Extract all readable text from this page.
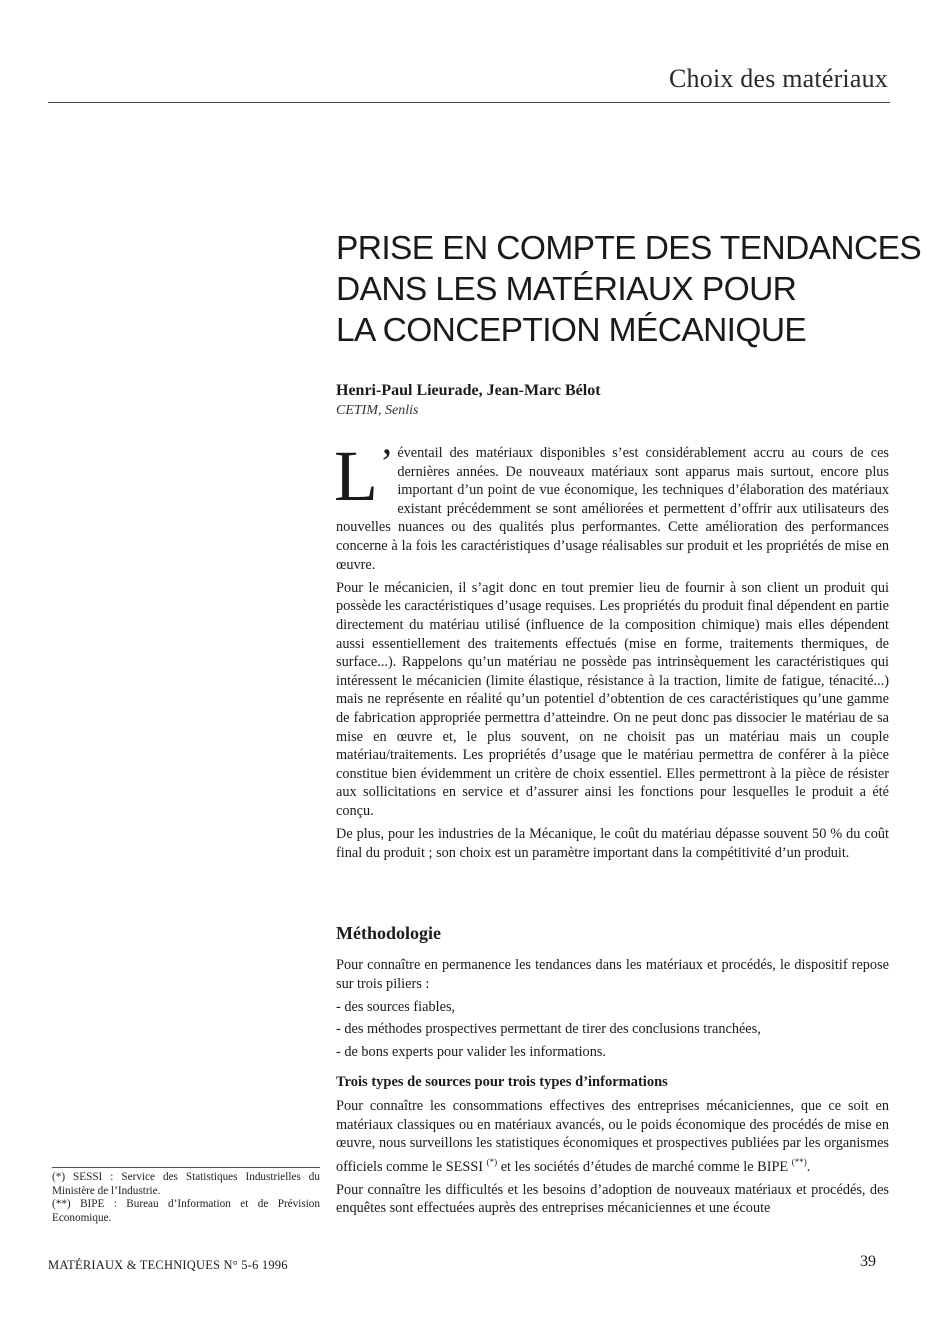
Choix des matériaux
PRISE EN COMPTE DES TENDANCES
DANS LES MATÉRIAUX POUR
LA CONCEPTION MÉCANIQUE
Henri-Paul Lieurade, Jean-Marc Bélot
CETIM, Senlis

L’ éventail des matériaux disponibles s’est considérablement accru au cours de ces dernières années. De nouveaux matériaux sont apparus mais surtout, encore plus important d’un point de vue économique, les techniques d’élaboration des matériaux existant précédemment se sont améliorées et permettent d’offrir aux utilisateurs des nouvelles nuances ou des qualités plus performantes. Cette amélioration des performances concerne à la fois les caractéristiques d’usage réalisables sur produit et les propriétés de mise en œuvre.

Pour le mécanicien, il s’agit donc en tout premier lieu de fournir à son client un produit qui possède les caractéristiques d’usage requises. Les propriétés du produit final dépendent en partie directement du matériau utilisé (influence de la composition chimique) mais elles dépendent aussi essentiellement des traitements effectués (mise en forme, traitements thermiques, de surface...). Rappelons qu’un matériau ne possède pas intrinsèquement les caractéristiques qui intéressent le mécanicien (limite élastique, résistance à la traction, limite de fatigue, ténacité...) mais ne représente en réalité qu’un potentiel d’obtention de ces caractéristiques qu’une gamme de fabrication appropriée permettra d’atteindre. On ne peut donc pas dissocier le matériau de sa mise en œuvre et, le plus souvent, on ne choisit pas un matériau mais un couple matériau/traitements. Les propriétés d’usage que le matériau permettra de conférer à la pièce constitue bien évidemment un critère de choix essentiel. Elles permettront à la pièce de résister aux sollicitations en service et d’assurer ainsi les fonctions pour lesquelles le produit a été conçu.

De plus, pour les industries de la Mécanique, le coût du matériau dépasse souvent 50 % du coût final du produit ; son choix est un paramètre important dans la compétitivité d’un produit.

Méthodologie

Pour connaître en permanence les tendances dans les matériaux et procédés, le dispositif repose sur trois piliers :

- des sources fiables,
- des méthodes prospectives permettant de tirer des conclusions tranchées,
- de bons experts pour valider les informations.
Trois types de sources pour trois types d’informations

Pour connaître les consommations effectives des entreprises mécaniciennes, que ce soit en matériaux classiques ou en matériaux avancés, ou le poids économique des procédés de mise en œuvre, nous surveillons les statistiques économiques et prospectives publiées par les organismes officiels comme le SESSI (*) et les sociétés d’études de marché comme le BIPE (**).

Pour connaître les difficultés et les besoins d’adoption de nouveaux matériaux et procédés, des enquêtes sont effectuées auprès des entreprises mécaniciennes et une écoute

(*) SESSI : Service des Statistiques Industrielles du Ministère de l’Industrie.
(**) BIPE : Bureau d’Information et de Prévision Economique.
MATÉRIAUX & TECHNIQUES N° 5-6 1996	39
